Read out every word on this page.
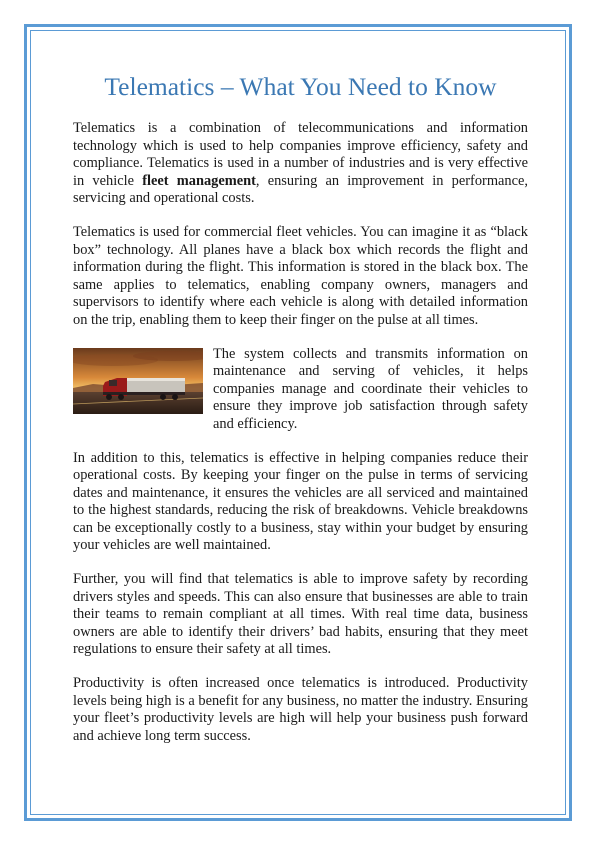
Telematics – What You Need to Know

Telematics is a combination of telecommunications and information technology which is used to help companies improve efficiency, safety and compliance. Telematics is used in a number of industries and is very effective in vehicle fleet management, ensuring an improvement in performance, servicing and operational costs.

Telematics is used for commercial fleet vehicles. You can imagine it as “black box” technology. All planes have a black box which records the flight and information during the flight. This information is stored in the black box. The same applies to telematics, enabling company owners, managers and supervisors to identify where each vehicle is along with detailed information on the trip, enabling them to keep their finger on the pulse at all times.

The system collects and transmits information on maintenance and serving of vehicles, it helps companies manage and coordinate their vehicles to ensure they improve job satisfaction through safety and efficiency.

In addition to this, telematics is effective in helping companies reduce their operational costs. By keeping your finger on the pulse in terms of servicing dates and maintenance, it ensures the vehicles are all serviced and maintained to the highest standards, reducing the risk of breakdowns. Vehicle breakdowns can be exceptionally costly to a business, stay within your budget by ensuring your vehicles are well maintained.

Further, you will find that telematics is able to improve safety by recording drivers styles and speeds. This can also ensure that businesses are able to train their teams to remain compliant at all times. With real time data, business owners are able to identify their drivers’ bad habits, ensuring that they meet regulations to ensure their safety at all times.

Productivity is often increased once telematics is introduced. Productivity levels being high is a benefit for any business, no matter the industry. Ensuring your fleet’s productivity levels are high will help your business push forward and achieve long term success.
